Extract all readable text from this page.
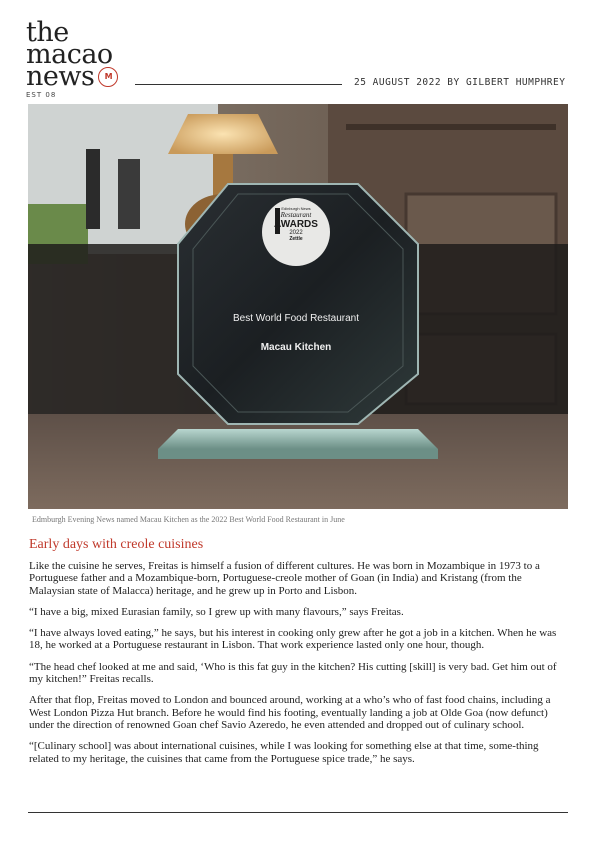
the
macao
news	M
EST 08
25 AUGUST 2022 BY GILBERT HUMPHREY
Edinburgh News
Restaurant
AWARDS
2022
Zettle
Best World Food Restaurant
Macau Kitchen
Edmburgh Evening News named Macau Kitchen as the 2022 Best World Food Restaurant in June
Early days with creole cuisines

Like the cuisine he serves, Freitas is himself a fusion of different cultures. He was born in Mozambique in 1973 to a Portuguese father and a Mozambique-born, Portuguese-creole mother of Goan (in India) and Kristang (from the Malaysian state of Malacca) heritage, and he grew up in Porto and Lisbon.

“I have a big, mixed Eurasian family, so I grew up with many flavours,” says Freitas.

“I have always loved eating,” he says, but his interest in cooking only grew after he got a job in a kitchen. When he was 18, he worked at a Portuguese restaurant in Lisbon. That work experience lasted only one hour, though.

“The head chef looked at me and said, ‘Who is this fat guy in the kitchen? His cutting [skill] is very bad. Get him out of my kitchen!” Freitas recalls.

After that flop, Freitas moved to London and bounced around, working at a who’s who of fast food chains, including a West London Pizza Hut branch. Before he would find his footing, eventually landing a job at Olde Goa (now defunct) under the direction of renowned Goan chef Savio Azeredo, he even attended and dropped out of culinary school.

“[Culinary school] was about international cuisines, while I was looking for something else at that time, some-thing related to my heritage, the cuisines that came from the Portuguese spice trade,” he says.
